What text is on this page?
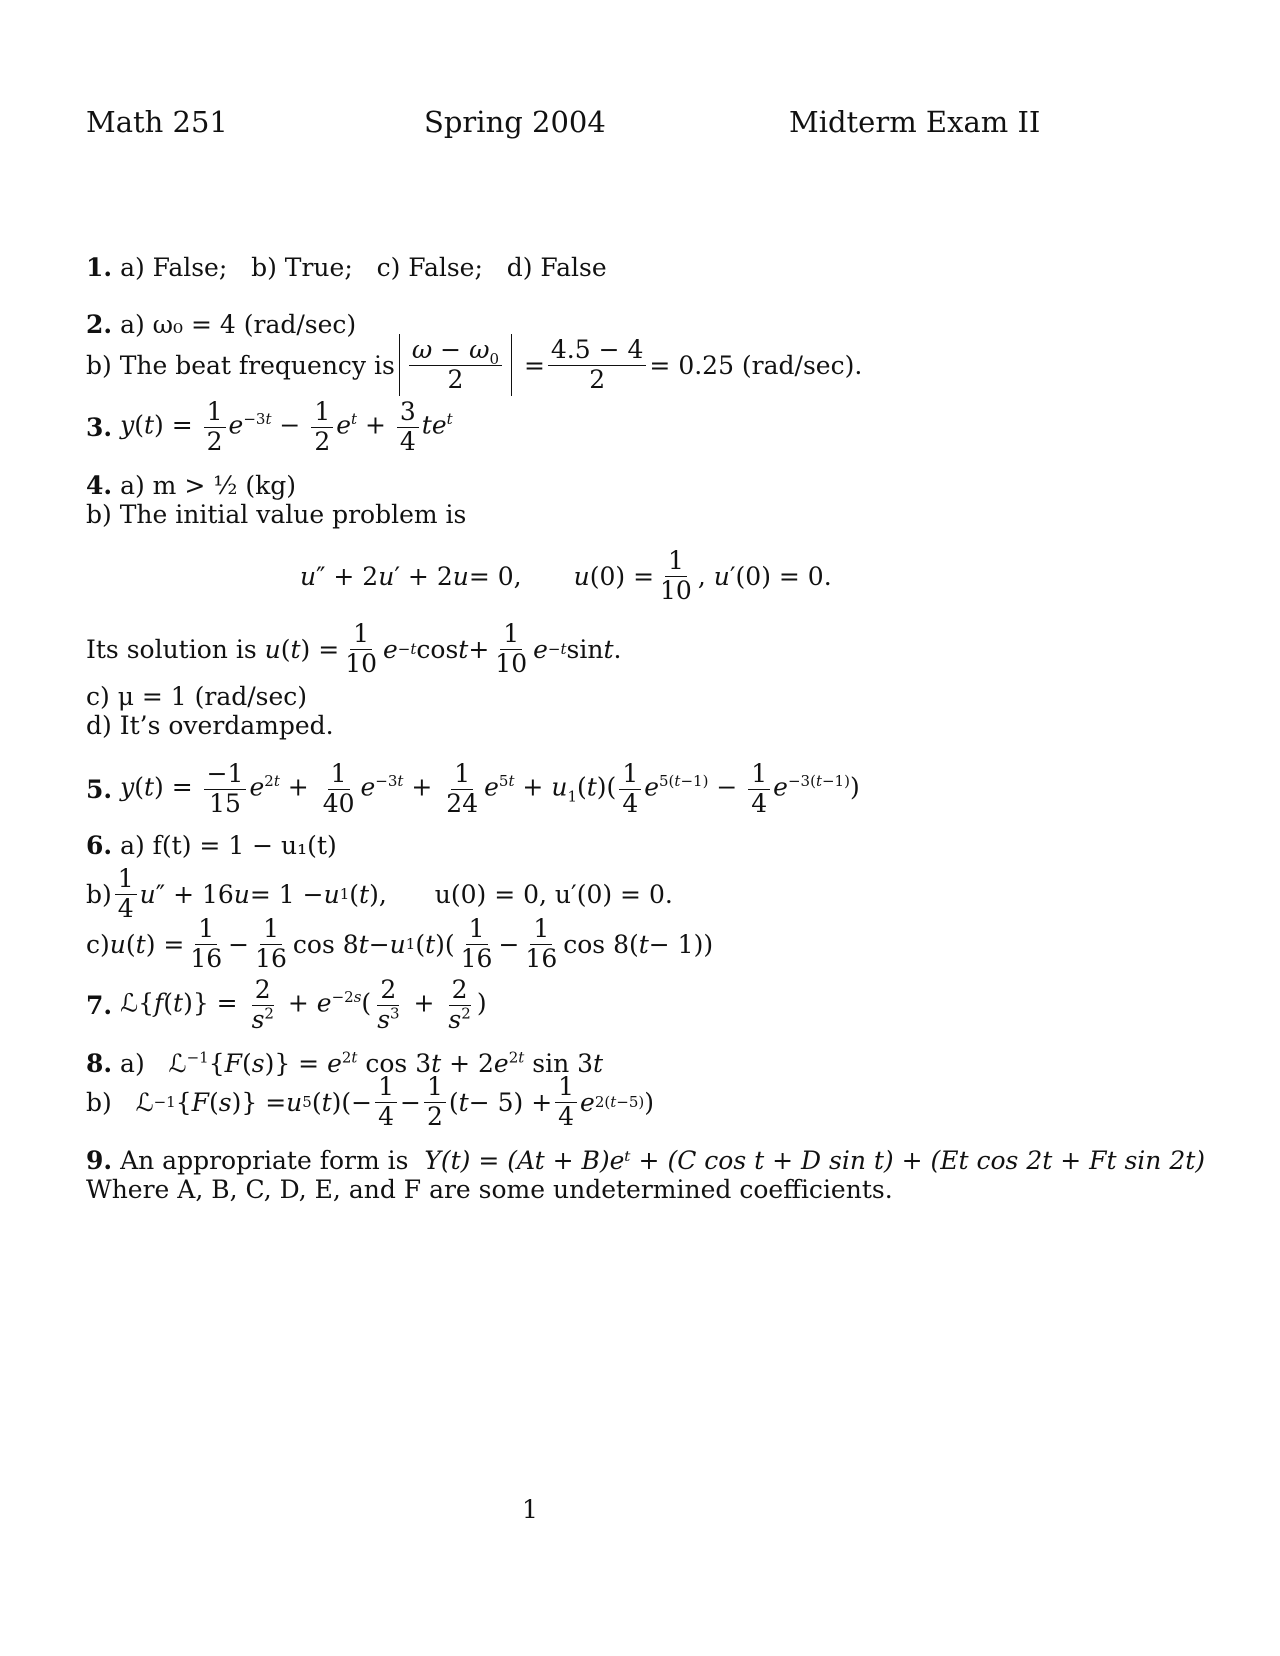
Math 251	Spring 2004	Midterm Exam II
1. a) False;   b) True;   c) False;   d) False
2. a) ω₀ = 4 (rad/sec)
b) The beat frequency is $\frac{\omega - \omega_0}{2} = \frac{4.5 - 4}{2} = 0.25$ (rad/sec).
3.
$y(t) = \frac{1}{2} e^{-3t} - \frac{1}{2} e^t + \frac{3}{4} te^t$
4. a) m > ½ (kg)
b) The initial value problem is
u ″ + 2 u ′ + 2 u = 0, u $(0) = \frac{1}{10}$ , u ′(0) = 0.
Its solution is
u ( t ) = $\frac{1}{10}$ e −t $\cos t + \frac{1}{10}$ e −t sin t .
c) μ = 1 (rad/sec)
d) It’s overdamped.
5.
$y(t) = \frac{-1}{15} e^{2t} + \frac{1}{40} e^{-3t} + \frac{1}{24} e^{5t} + u_1(t)( \frac{1}{4} e^{5(t-1)} - \frac{1}{4} e^{-3(t-1)})$
6. a) f(t) = 1 − u₁(t)
$b) \frac{1}{4}$ u ″ + 16 u = 1 − u 1 ( t ), u(0) = 0, u′(0) = 0.
c) u ( t ) = $\frac{1}{16} - \frac{1}{16}$ cos 8 t − u 1 ( t )( $\frac{1}{16} - \frac{1}{16}$ cos 8( t − 1))
7.
ℒ{f(t)} = $\frac{2}{s^2} + e^{-2s}( \frac{2}{s^3} + \frac{2}{s^2}$ )
8. a)   ℒ$^{-1}${F(s)} = $e^{2t}$ $\cos 3t + 2e^{2t}$ sin 3t
b)   ℒ −1 { F ( s )} = u 5 ( t )(− $\frac{1}{4} - \frac{1}{2}$ ( $t - 5) + \frac{1}{4}$ e 2(t−5) )
9. An appropriate form is Y(t) = (At + B)eᵗ + (C cos t + D sin t) + (Et cos 2t + Ft sin 2t)
Where A, B, C, D, E, and F are some undetermined coefficients.
1
